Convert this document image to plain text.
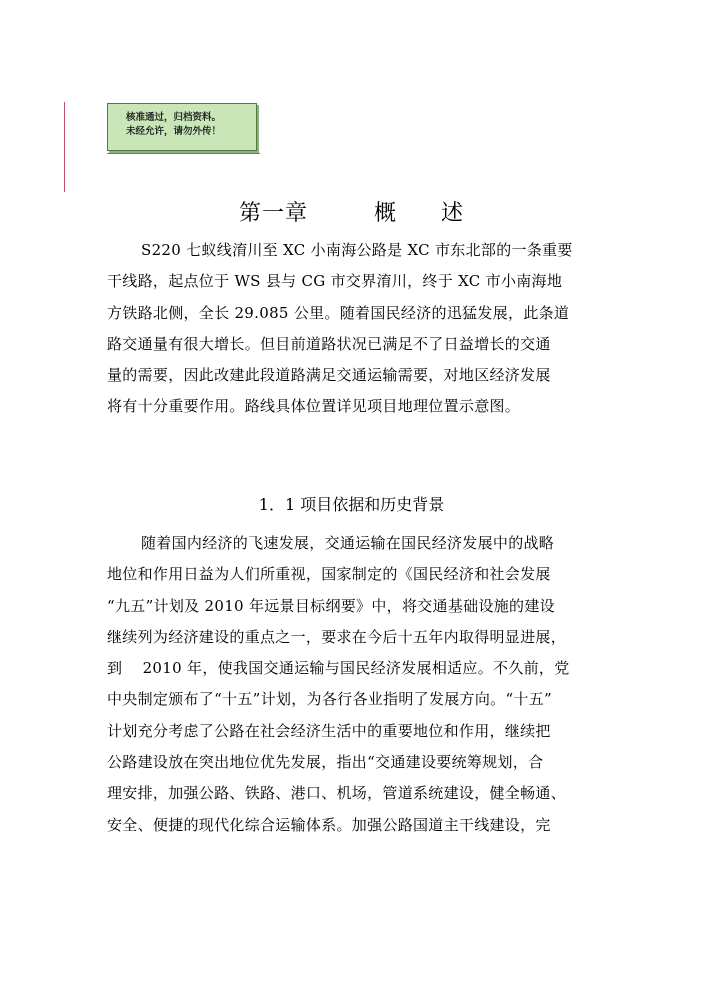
核准通过，归档资料。
未经允许，请勿外传！
第一章   概  述
S220 七蚁线淯川至 XC 小南海公路是 XC 市东北部的一条重要
干线路，起点位于 WS 县与 CG 市交界淯川，终于 XC 市小南海地
方铁路北侧，全长 29.085 公里。随着国民经济的迅猛发展，此条道
路交通量有很大增长。但目前道路状况已满足不了日益增长的交通
量的需要，因此改建此段道路满足交通运输需要，对地区经济发展
将有十分重要作用。路线具体位置详见项目地理位置示意图。
1．1 项目依据和历史背景
随着国内经济的飞速发展，交通运输在国民经济发展中的战略
地位和作用日益为人们所重视，国家制定的《国民经济和社会发展
“九五”计划及 2010 年远景目标纲要》中，将交通基础设施的建设
继续列为经济建设的重点之一，要求在今后十五年内取得明显进展，
到    2010 年，使我国交通运输与国民经济发展相适应。不久前，党
中央制定颁布了“十五”计划，为各行各业指明了发展方向。“十五”
计划充分考虑了公路在社会经济生活中的重要地位和作用，继续把
公路建设放在突出地位优先发展，指出“交通建设要统筹规划，合
理安排，加强公路、铁路、港口、机场，管道系统建设，健全畅通、
安全、便捷的现代化综合运输体系。加强公路国道主干线建设，完
